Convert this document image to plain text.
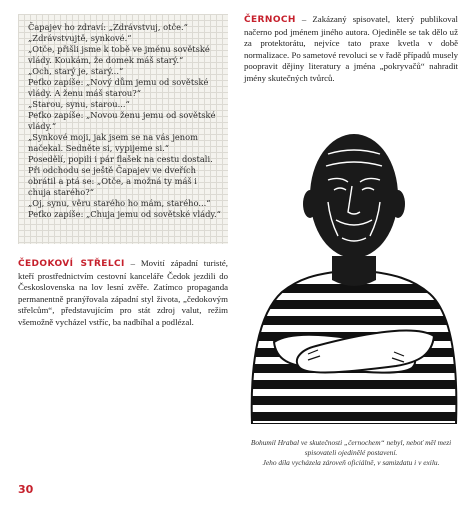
Čapajev ho zdraví: „Zdrávstvuj, otče.“
„Zdrávstvujtě, synkové.“
„Otče, přišli jsme k tobě ve jménu sovětské vlády. Koukám, že domek máš starý.“
„Och, starý je, starý...“
Peťko zapíše: „Nový dům jemu od sovětské vlády. A ženu máš starou?“
„Starou, synu, starou...“
Peťko zapíše: „Novou ženu jemu od sovětské vlády.“
„Synkové moji, jak jsem se na vás jenom načekal. Sedněte si, vypijeme si.“
Posedělí, popili i pár flašek na cestu dostali. Při odchodu se ještě Čapajev ve dveřích obrátil a ptá se: „Otče, a možná ty máš i chuja starého?“
„Oj, synu, věru starého ho mám, starého...“
Peťko zapíše: „Chuja jemu od sovětské vlády.“
ČERNOCH – Zakázaný spisovatel, který publikoval načerno pod jménem jiného autora. Ojediněle se tak dělo už za protektorátu, nejvíce tato praxe kvetla v době normalizace. Po sametové revoluci se v řadě případů musely poopravit dějiny literatury a jména „pokryvačů“ nahradit jmény skutečných tvůrců.
ČEDOKOVÍ STŘELCI – Movití západní turisté, kteří prostřednictvím cestovní kanceláře Čedok jezdili do Československa na lov lesní zvěře. Zatímco propaganda permanentně pranýřovala západní styl života, „čedokovým střelcům“, představujícím pro stát zdroj valut, režim všemožně vycházel vstříc, ba nadbíhal a podlézal.
Bohumil Hrabal ve skutečnosti „černochem“ nebyl, neboť měl mezi
spisovateli ojedinělé postavení.
Jeho díla vycházela zároveň oficiálně, v samizdatu i v exilu.
30
